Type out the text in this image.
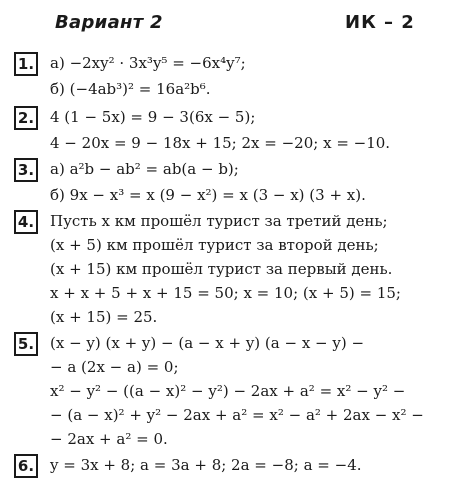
Вариант 2	ИК – 2
1. а) −2xy² · 3x³y⁵ = −6x⁴y⁷;
б) (−4ab³)² = 16a²b⁶.
2. 4 (1 − 5x) = 9 − 3(6x − 5);
4 − 20x = 9 − 18x + 15; 2x = −20; x = −10.
3. а) a²b − ab² = ab(a − b);
б) 9x − x³ = x (9 − x²) = x (3 − x) (3 + x).
4. Пусть x км прошёл турист за третий день;
(x + 5) км прошёл турист за второй день;
(x + 15) км прошёл турист за первый день.
x + x + 5 + x + 15 = 50; x = 10; (x + 5) = 15;
(x + 15) = 25.
5. (x − y) (x + y) − (a − x + y) (a − x − y) −
− a (2x − a) = 0;
x² − y² − ((a − x)² − y²) − 2ax + a² = x² − y² −
− (a − x)² + y² − 2ax + a² = x² − a² + 2ax − x² −
− 2ax + a² = 0.
6. y = 3x + 8; a = 3a + 8; 2a = −8; a = −4.
